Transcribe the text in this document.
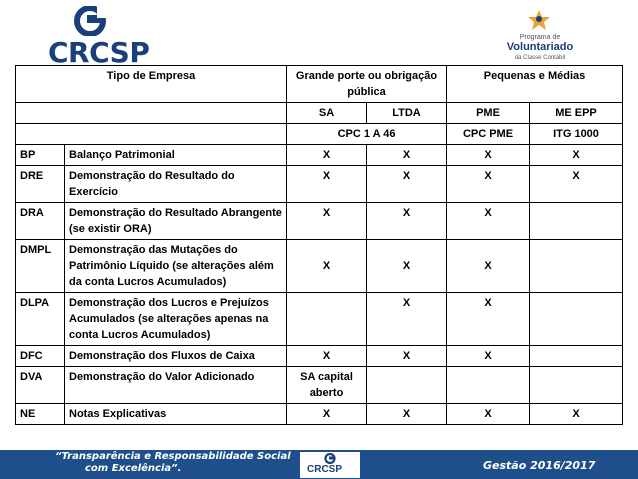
CRCSP	Programa de
Voluntariado
da Classe Contábil
Tipo de Empresa		Grande porte ou obrigação pública		Pequenas e Médias	
		SA	LTDA	PME	ME EPP
		CPC 1 A 46		CPC PME	ITG 1000
BP	Balanço Patrimonial	X	X	X	X
DRE	Demonstração do Resultado do Exercício	X	X	X	X
DRA	Demonstração do Resultado Abrangente (se existir ORA)	X	X	X	
DMPL	Demonstração das Mutações do Patrimônio Líquido (se alterações além da conta Lucros Acumulados)	X	X	X	
DLPA	Demonstração dos Lucros e Prejuízos Acumulados (se alterações apenas na conta Lucros Acumulados)		X	X	
DFC	Demonstração dos Fluxos de Caixa	X	X	X	
DVA	Demonstração do Valor Adicionado	SA capital aberto			
NE	Notas Explicativas	X	X	X	X
“Transparência e Responsabilidade Social
com Excelência”.	CRCSP	Gestão 2016/2017
